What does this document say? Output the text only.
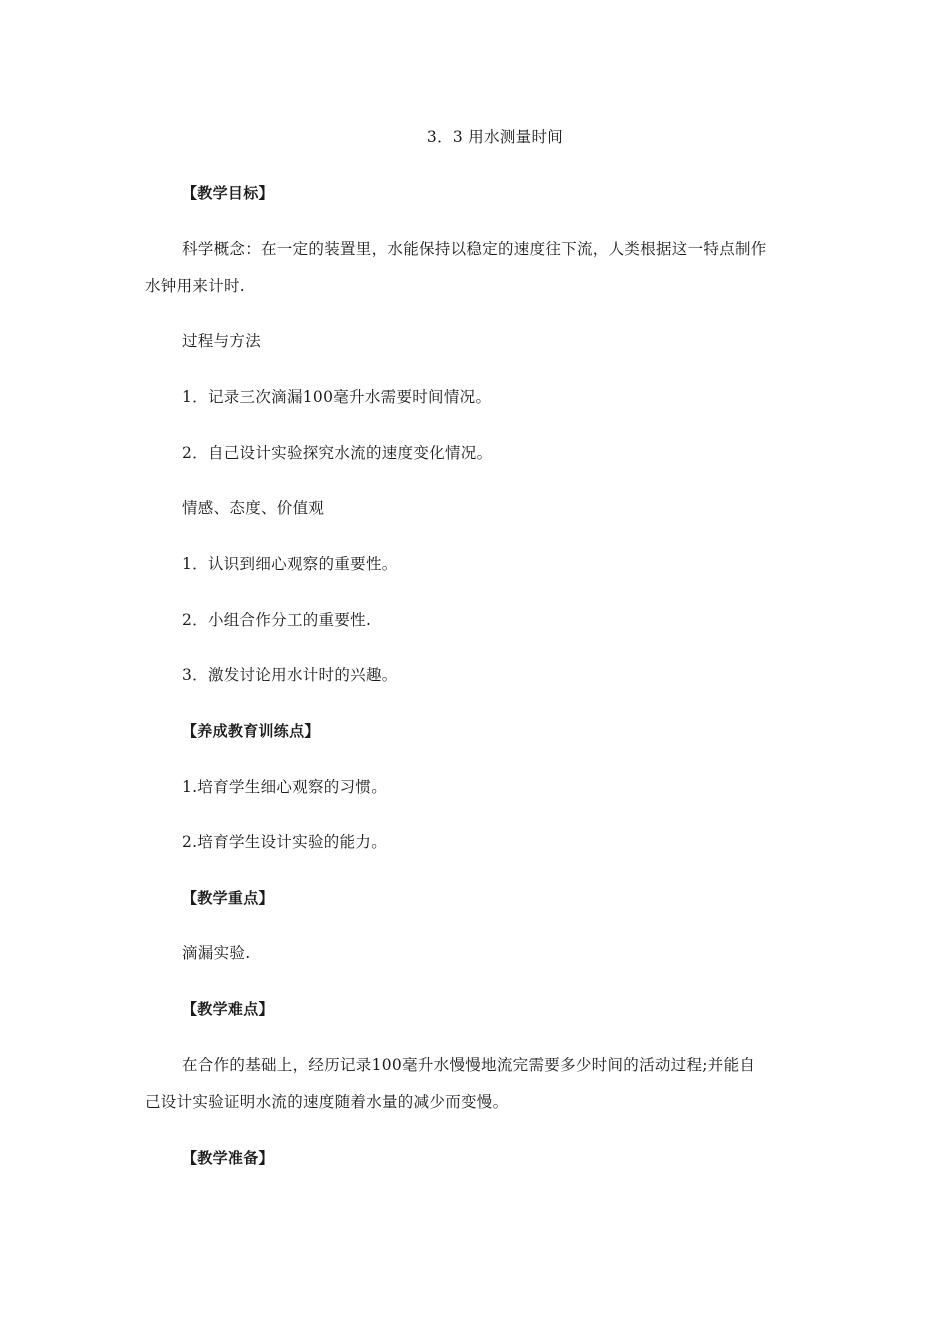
3．3 用水测量时间
【教学目标】
科学概念：在一定的装置里，水能保持以稳定的速度往下流，人类根据这一特点制作
水钟用来计时.
过程与方法
1．记录三次滴漏100毫升水需要时间情况。
2．自己设计实验探究水流的速度变化情况。
情感、态度、价值观
1．认识到细心观察的重要性。
2．小组合作分工的重要性.
3．激发讨论用水计时的兴趣。
【养成教育训练点】
1.培育学生细心观察的习惯。
2.培育学生设计实验的能力。
【教学重点】
滴漏实验.
【教学难点】
在合作的基础上，经历记录100毫升水慢慢地流完需要多少时间的活动过程;并能自
己设计实验证明水流的速度随着水量的减少而变慢。
【教学准备】
